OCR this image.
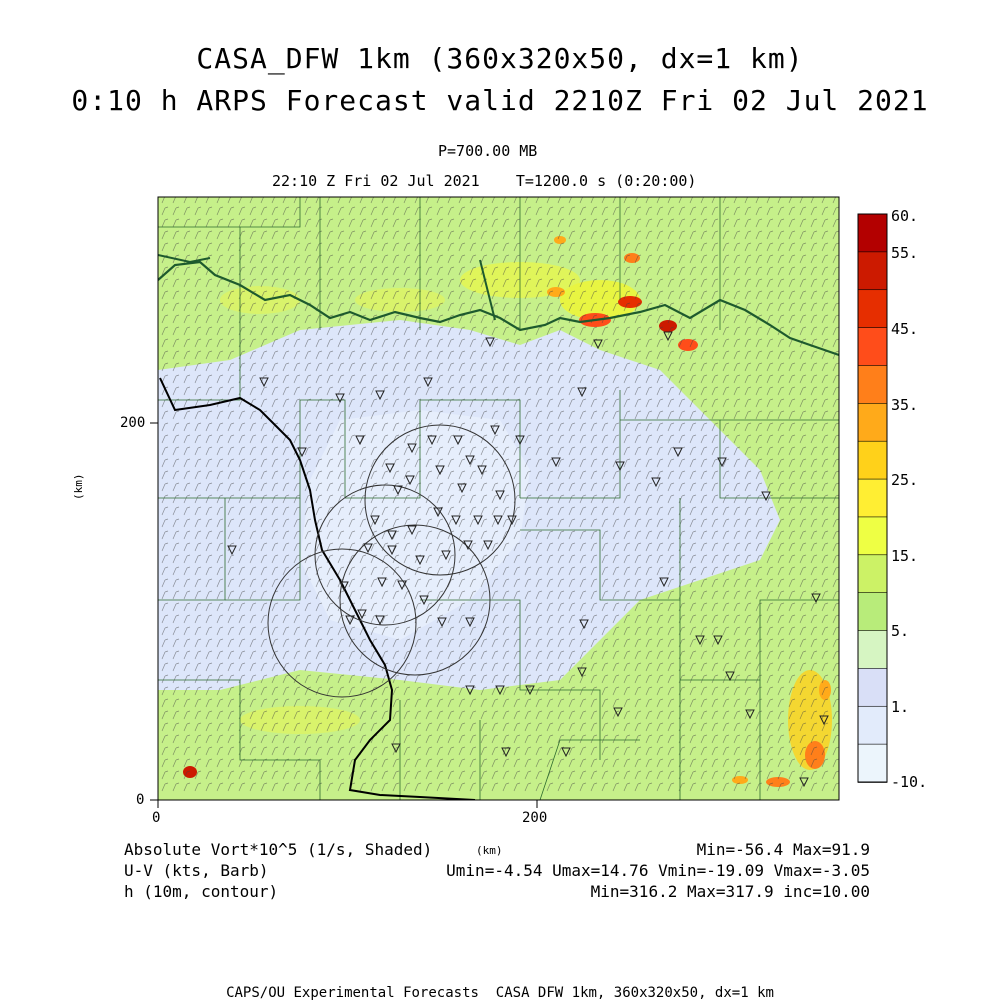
CASA_DFW 1km (360x320x50, dx=1 km)
0:10 h ARPS Forecast valid 2210Z Fri 02 Jul 2021
P=700.00 MB
22:10 Z Fri 02 Jul 2021    T=1200.0 s (0:20:00)
0	200
0
200
(km)
(km)
60.
55.
45.
35.
25.
15.
5.
1.
-10.
Absolute Vort*10^5 (1/s, Shaded)
U-V (kts, Barb)
h (10m, contour)
Min=-56.4 Max=91.9
Umin=-4.54 Umax=14.76 Vmin=-19.09 Vmax=-3.05
Min=316.2 Max=317.9 inc=10.00
CAPS/OU Experimental Forecasts  CASA DFW 1km, 360x320x50, dx=1 km
